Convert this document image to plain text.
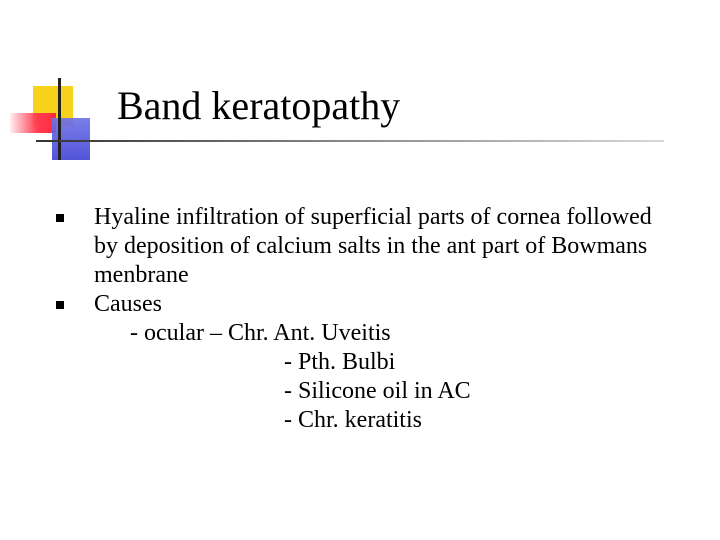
Band keratopathy
Hyaline infiltration of superficial parts of cornea followed by deposition of calcium salts in the ant part of Bowmans menbrane
Causes
- ocular – Chr. Ant. Uveitis
- Pth. Bulbi
- Silicone oil in AC
- Chr. keratitis
